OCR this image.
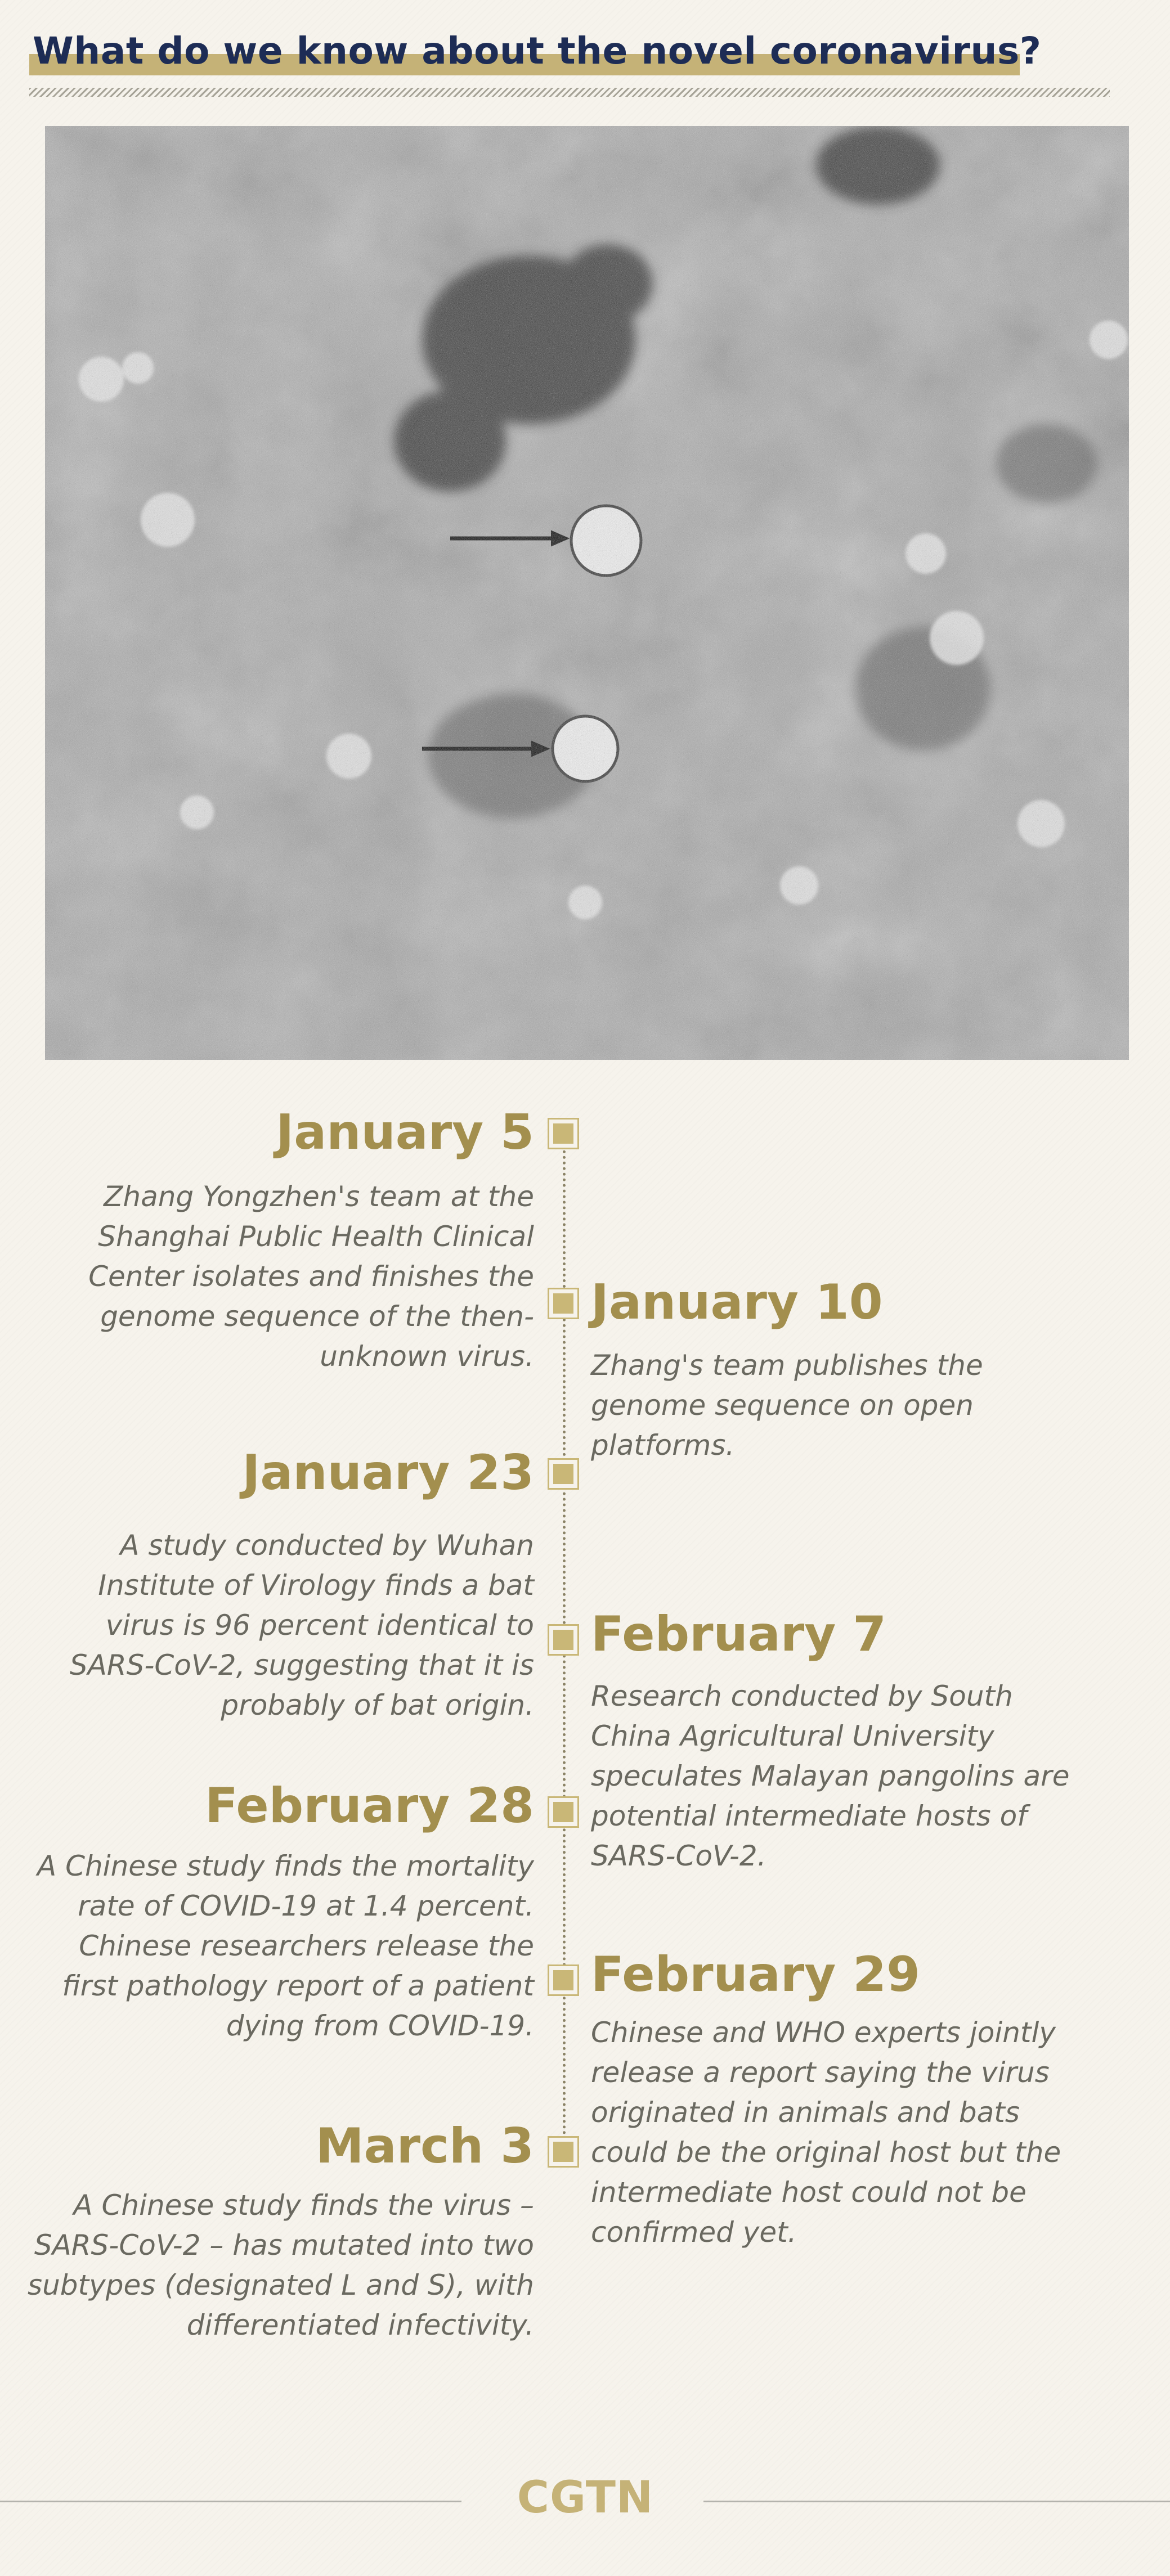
What do we know about the novel coronavirus?
January 5

Zhang Yongzhen's team at the Shanghai Public Health Clinical Center isolates and finishes the genome sequence of the then-unknown virus.

January 10

Zhang's team publishes the genome sequence on open platforms.

January 23

A study conducted by Wuhan Institute of Virology finds a bat virus is 96 percent identical to SARS-CoV-2, suggesting that it is probably of bat origin.

February 7

Research conducted by South China Agricultural University speculates Malayan pangolins are potential intermediate hosts of SARS-CoV-2.

February 28

A Chinese study finds the mortality rate of COVID-19 at 1.4 percent. Chinese researchers release the first pathology report of a patient dying from COVID-19.

February 29

Chinese and WHO experts jointly release a report saying the virus originated in animals and bats could be the original host but the intermediate host could not be confirmed yet.

March 3

A Chinese study finds the virus – SARS-CoV-2 – has mutated into two subtypes (designated L and S), with differentiated infectivity.

CGTN
